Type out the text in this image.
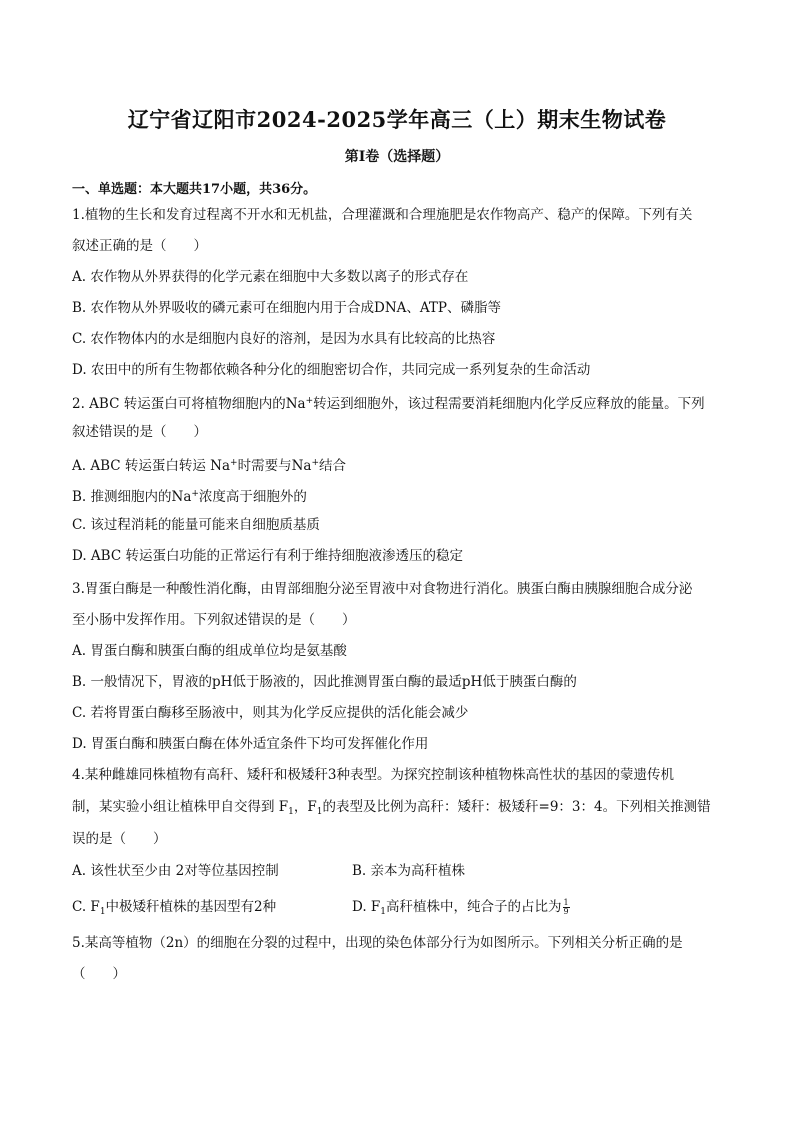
辽宁省辽阳市2024-2025学年高三（上）期末生物试卷
第Ⅰ卷（选择题）
一、单选题：本大题共17小题，共36分。
1.植物的生长和发育过程离不开水和无机盐，合理灌溉和合理施肥是农作物高产、稳产的保障。下列有关
叙述正确的是（　　）
A. 农作物从外界获得的化学元素在细胞中大多数以离子的形式存在
B. 农作物从外界吸收的磷元素可在细胞内用于合成DNA、ATP、磷脂等
C. 农作物体内的水是细胞内良好的溶剂，是因为水具有比较高的比热容
D. 农田中的所有生物都依赖各种分化的细胞密切合作，共同完成一系列复杂的生命活动
2. ABC 转运蛋白可将植物细胞内的Na+转运到细胞外，该过程需要消耗细胞内化学反应释放的能量。下列
叙述错误的是（　　）
A. ABC 转运蛋白转运 Na+时需要与Na+结合
B. 推测细胞内的Na+浓度高于细胞外的
C. 该过程消耗的能量可能来自细胞质基质
D. ABC 转运蛋白功能的正常运行有利于维持细胞液渗透压的稳定
3.胃蛋白酶是一种酸性消化酶，由胃部细胞分泌至胃液中对食物进行消化。胰蛋白酶由胰腺细胞合成分泌
至小肠中发挥作用。下列叙述错误的是（　　）
A. 胃蛋白酶和胰蛋白酶的组成单位均是氨基酸
B. 一般情况下，胃液的pH低于肠液的，因此推测胃蛋白酶的最适pH低于胰蛋白酶的
C. 若将胃蛋白酶移至肠液中，则其为化学反应提供的活化能会减少
D. 胃蛋白酶和胰蛋白酶在体外适宜条件下均可发挥催化作用
4.某种雌雄同株植物有高秆、矮秆和极矮秆3种表型。为探究控制该种植物株高性状的基因的蒙遗传机
制，某实验小组让植株甲自交得到 $F_1$，$F_1$的表型及比例为高秆：矮秆：极矮秆=9：3：4。下列相关推测错
误的是（　　）
A. 该性状至少由 2对等位基因控制	B. 亲本为高秆植株
C. $F_1$中极矮秆植株的基因型有2种	D. $F_1$高秆植株中，纯合子的占比为 $\frac{1}{9}$
5.某高等植物（2n）的细胞在分裂的过程中，出现的染色体部分行为如图所示。下列相关分析正确的是
（　　）
